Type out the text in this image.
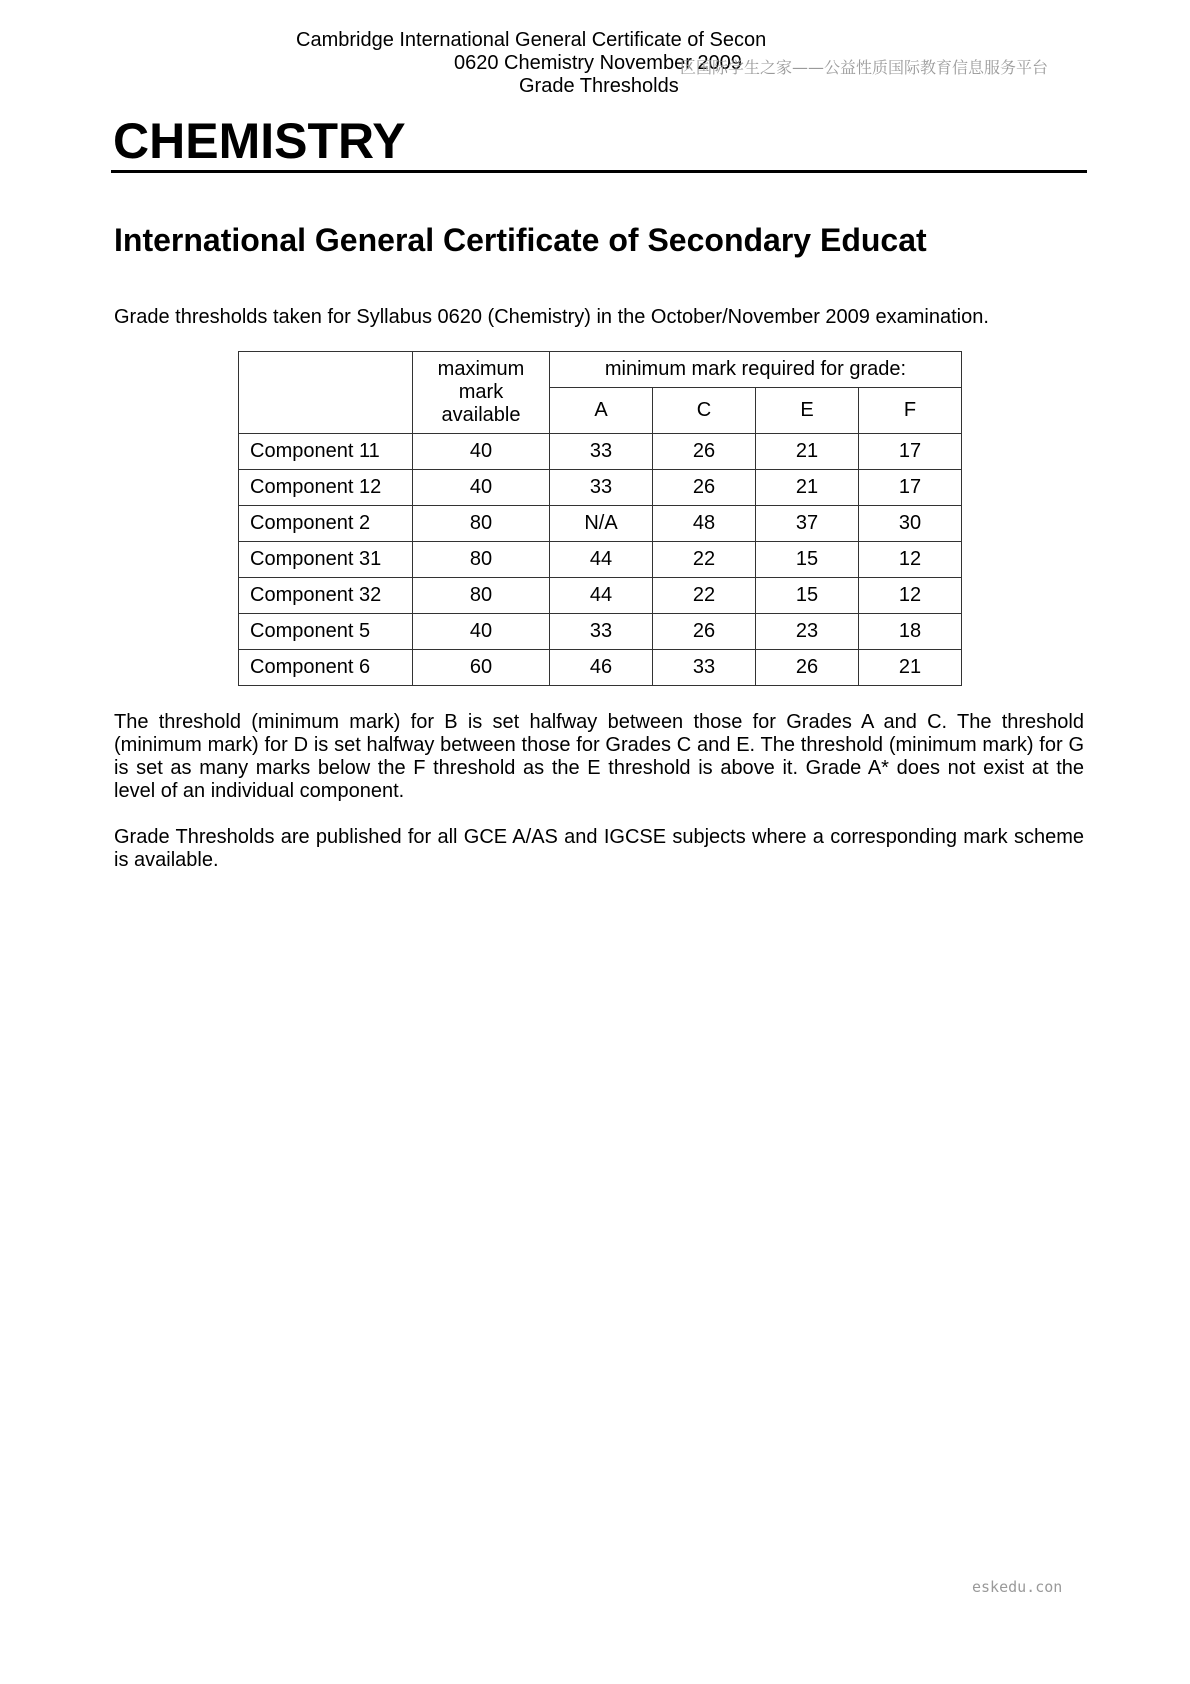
Cambridge International General Certificate of Secon
0620 Chemistry November 2009
Grade Thresholds
区国际学生之家——公益性质国际教育信息服务平台
CHEMISTRY
International General Certificate of Secondary Educat
Grade thresholds taken for Syllabus 0620 (Chemistry) in the October/November 2009 examination.

	maximum
mark
available	minimum mark required for grade:			
		A	C	E	F
Component 11	40	33	26	21	17
Component 12	40	33	26	21	17
Component 2	80	N/A	48	37	30
Component 31	80	44	22	15	12
Component 32	80	44	22	15	12
Component 5	40	33	26	23	18
Component 6	60	46	33	26	21

The threshold (minimum mark) for B is set halfway between those for Grades A and C. The threshold (minimum mark) for D is set halfway between those for Grades C and E. The threshold (minimum mark) for G is set as many marks below the F threshold as the E threshold is above it. Grade A* does not exist at the level of an individual component.

Grade Thresholds are published for all GCE A/AS and IGCSE subjects where a corresponding mark scheme is available.

eskedu.con
